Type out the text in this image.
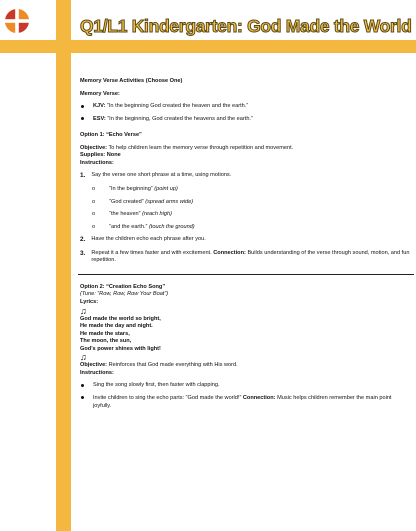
Q1/L1 Kindergarten: God Made the World

Memory Verse Activities (Choose One)

Memory Verse:

KJV: “In the beginning God created the heaven and the earth.”

ESV: “In the beginning, God created the heavens and the earth.”

Option 1: “Echo Verse”

Objective: To help children learn the memory verse through repetition and movement.

Supplies: None

Instructions:

1. Say the verse one short phrase at a time, using motions.

o	“In the beginning” (point up)

o	“God created” (spread arms wide)

o	“the heaven” (reach high)

o	“and the earth.” (touch the ground)

2. Have the children echo each phrase after you.

3. Repeat it a few times faster and with excitement. Connection: Builds understanding of the verse through sound, motion, and fun repetition.

Option 2: “Creation Echo Song”

(Tune: “Row, Row, Row Your Boat”)

Lyrics:

♫

God made the world so bright,

He made the day and night.

He made the stars,

The moon, the sun,

God’s power shines with light!

♫

Objective: Reinforces that God made everything with His word.

Instructions:

Sing the song slowly first, then faster with clapping.

Invite children to sing the echo parts: “God made the world!” Connection: Music helps children remember the main point joyfully.
